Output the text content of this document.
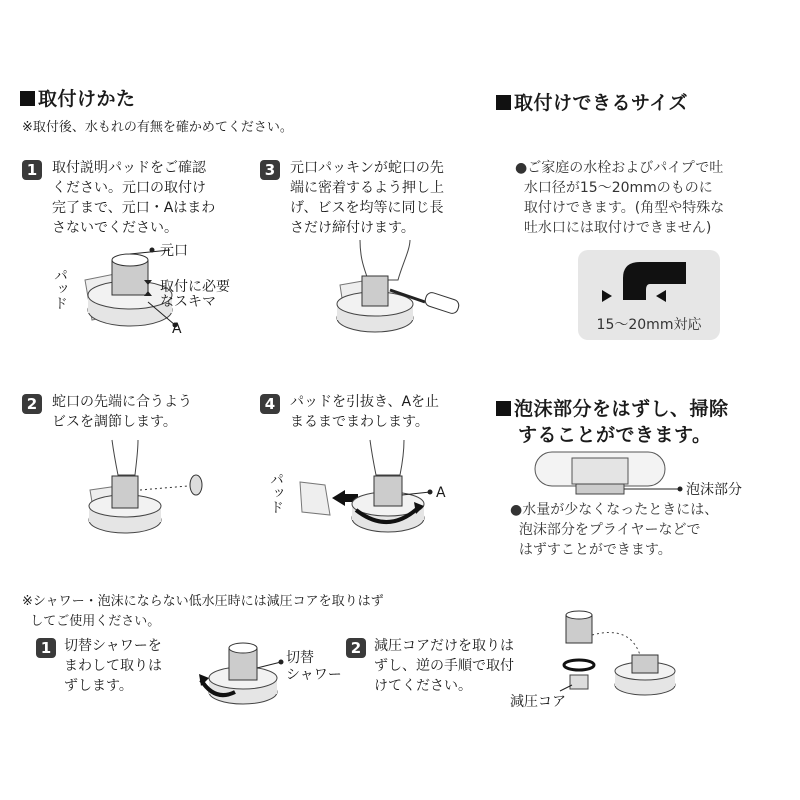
取付けかた
※取付後、水もれの有無を確かめてください。
取付けできるサイズ
1	取付説明パッドをご確認
ください。元口の取付け
完了まで、元口・Aはまわ
さないでください。
元口
取付に必要
なスキマ
A
パッド
3	元口パッキンが蛇口の先
端に密着するよう押し上
げ、ビスを均等に同じ長
さだけ締付けます。
●ご家庭の水栓およびパイプで吐
水口径が15～20mmのものに
取付けできます。(角型や特殊な
吐水口には取付けできません)
15～20mm対応
2	蛇口の先端に合うよう
ビスを調節します。
4	パッドを引抜き、Aを止
まるまでまわします。
パッド	A
泡沫部分をはずし、掃除
することができます。
泡沫部分
●水量が少なくなったときには、
泡沫部分をプライヤーなどで
はずすことができます。
※シャワー・泡沫にならない低水圧時には減圧コアを取りはず
してご使用ください。
1 切替シャワーを
まわして取りは
ずします。
切替
シャワー
2 減圧コアだけを取りは
ずし、逆の手順で取付
けてください。
減圧コア
